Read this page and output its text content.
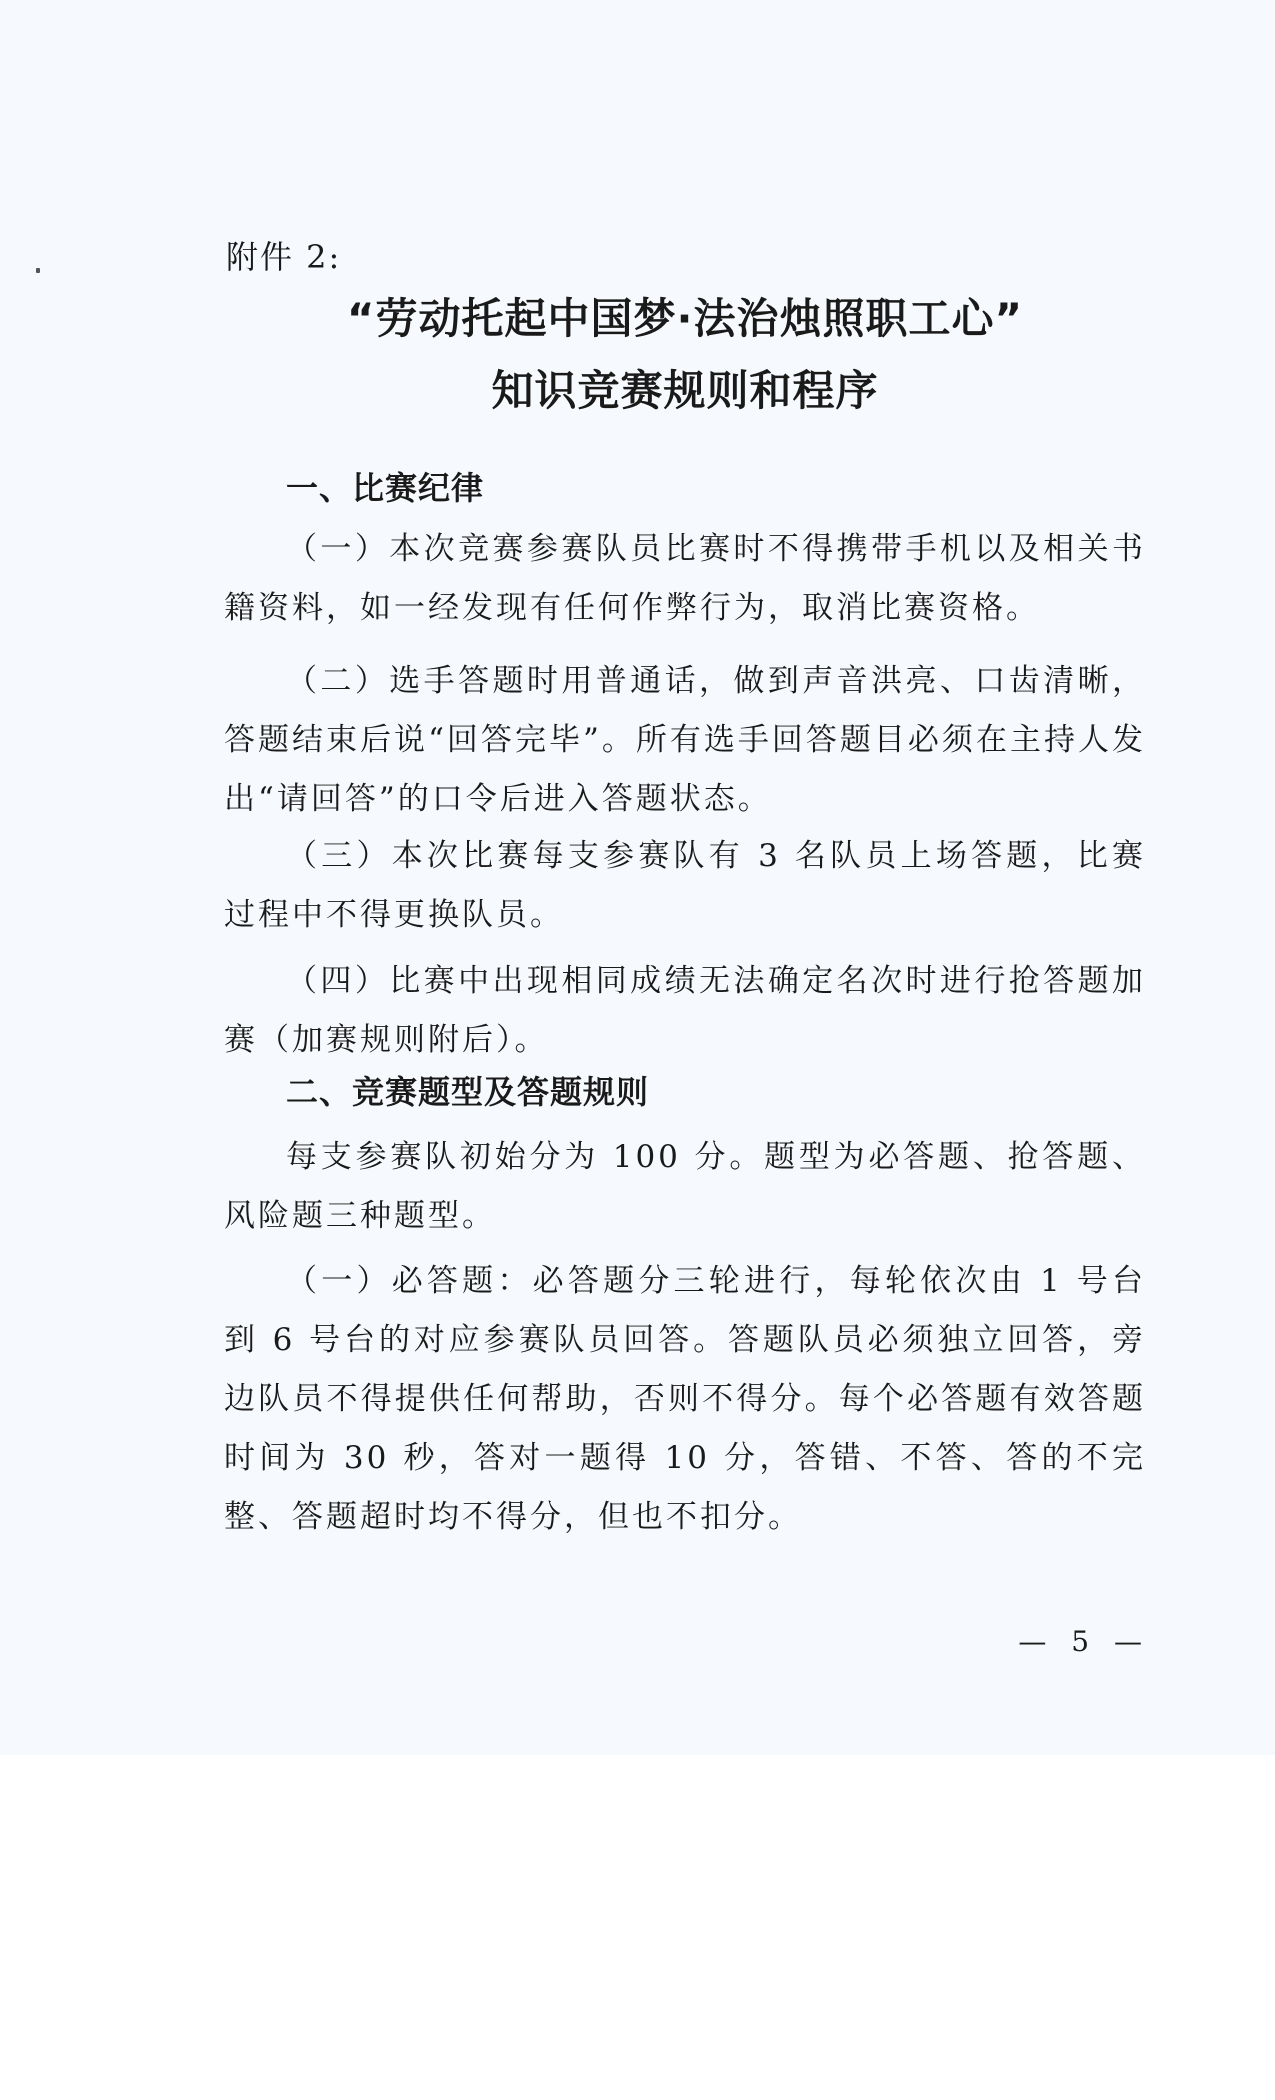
附件 2:

“劳动托起中国梦·法治烛照职工心”
知识竞赛规则和程序
一、比赛纪律

（一）本次竞赛参赛队员比赛时不得携带手机以及相关书籍资料，如一经发现有任何作弊行为，取消比赛资格。

（二）选手答题时用普通话，做到声音洪亮、口齿清晰，答题结束后说“回答完毕”。所有选手回答题目必须在主持人发出“请回答”的口令后进入答题状态。

（三）本次比赛每支参赛队有 3 名队员上场答题，比赛过程中不得更换队员。

（四）比赛中出现相同成绩无法确定名次时进行抢答题加赛（加赛规则附后）。

二、竞赛题型及答题规则

每支参赛队初始分为 100 分。题型为必答题、抢答题、风险题三种题型。

（一）必答题：必答题分三轮进行，每轮依次由 1 号台到 6 号台的对应参赛队员回答。答题队员必须独立回答，旁边队员不得提供任何帮助，否则不得分。每个必答题有效答题时间为 30 秒，答对一题得 10 分，答错、不答、答的不完整、答题超时均不得分，但也不扣分。

— 5 —
